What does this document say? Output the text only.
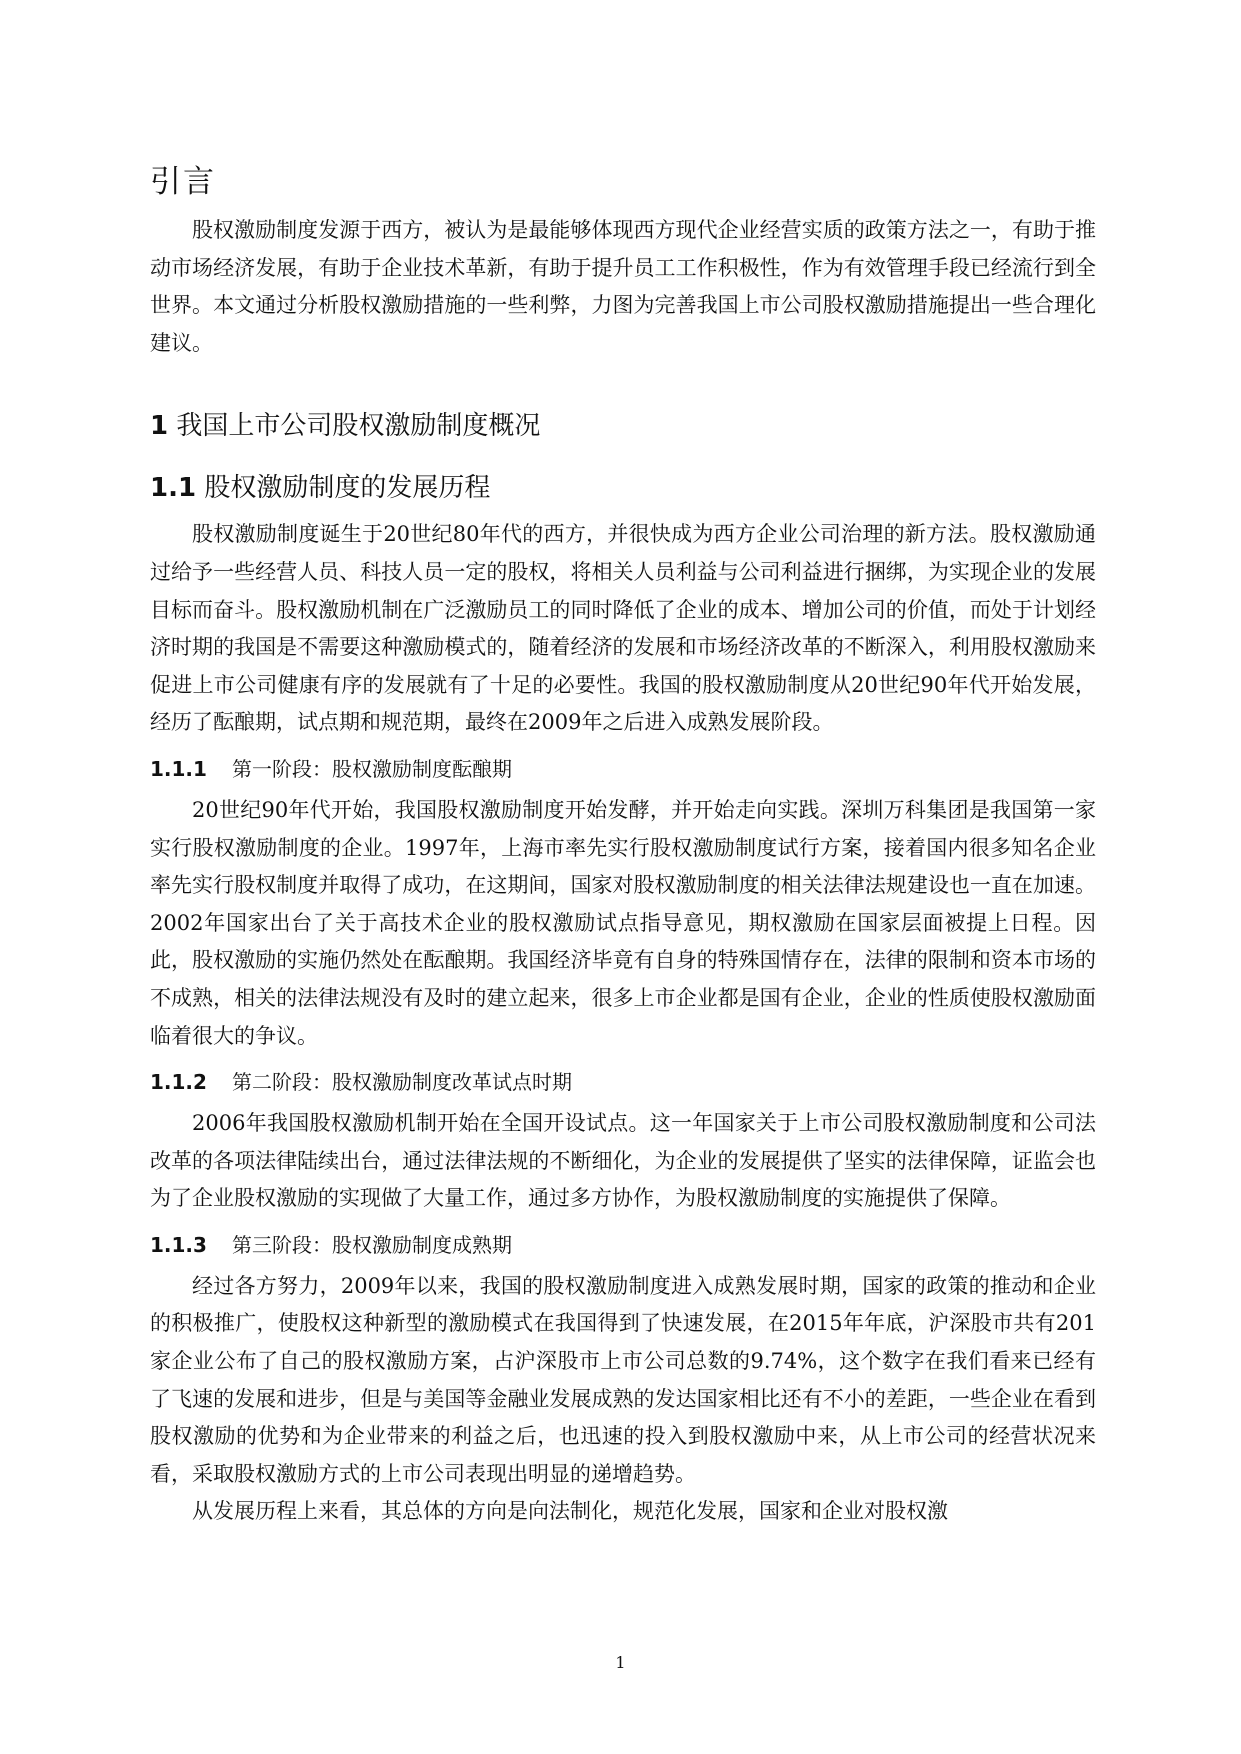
引言

股权激励制度发源于西方，被认为是最能够体现西方现代企业经营实质的政策方法之一，有助于推动市场经济发展，有助于企业技术革新，有助于提升员工工作积极性，作为有效管理手段已经流行到全世界。本文通过分析股权激励措施的一些利弊，力图为完善我国上市公司股权激励措施提出一些合理化建议。

1 我国上市公司股权激励制度概况
1.1 股权激励制度的发展历程

股权激励制度诞生于20世纪80年代的西方，并很快成为西方企业公司治理的新方法。股权激励通过给予一些经营人员、科技人员一定的股权，将相关人员利益与公司利益进行捆绑，为实现企业的发展目标而奋斗。股权激励机制在广泛激励员工的同时降低了企业的成本、增加公司的价值，而处于计划经济时期的我国是不需要这种激励模式的，随着经济的发展和市场经济改革的不断深入，利用股权激励来促进上市公司健康有序的发展就有了十足的必要性。我国的股权激励制度从20世纪90年代开始发展，经历了酝酿期，试点期和规范期，最终在2009年之后进入成熟发展阶段。

1.1.1 第一阶段：股权激励制度酝酿期

20世纪90年代开始，我国股权激励制度开始发酵，并开始走向实践。深圳万科集团是我国第一家实行股权激励制度的企业。1997年，上海市率先实行股权激励制度试行方案，接着国内很多知名企业率先实行股权制度并取得了成功，在这期间，国家对股权激励制度的相关法律法规建设也一直在加速。2002年国家出台了关于高技术企业的股权激励试点指导意见，期权激励在国家层面被提上日程。因此，股权激励的实施仍然处在酝酿期。我国经济毕竟有自身的特殊国情存在，法律的限制和资本市场的不成熟，相关的法律法规没有及时的建立起来，很多上市企业都是国有企业，企业的性质使股权激励面临着很大的争议。

1.1.2 第二阶段：股权激励制度改革试点时期

2006年我国股权激励机制开始在全国开设试点。这一年国家关于上市公司股权激励制度和公司法改革的各项法律陆续出台，通过法律法规的不断细化，为企业的发展提供了坚实的法律保障，证监会也为了企业股权激励的实现做了大量工作，通过多方协作，为股权激励制度的实施提供了保障。

1.1.3 第三阶段：股权激励制度成熟期

经过各方努力，2009年以来，我国的股权激励制度进入成熟发展时期，国家的政策的推动和企业的积极推广，使股权这种新型的激励模式在我国得到了快速发展，在2015年年底，沪深股市共有201家企业公布了自己的股权激励方案，占沪深股市上市公司总数的9.74%，这个数字在我们看来已经有了飞速的发展和进步，但是与美国等金融业发展成熟的发达国家相比还有不小的差距，一些企业在看到股权激励的优势和为企业带来的利益之后，也迅速的投入到股权激励中来，从上市公司的经营状况来看，采取股权激励方式的上市公司表现出明显的递增趋势。

从发展历程上来看，其总体的方向是向法制化，规范化发展，国家和企业对股权激

1
